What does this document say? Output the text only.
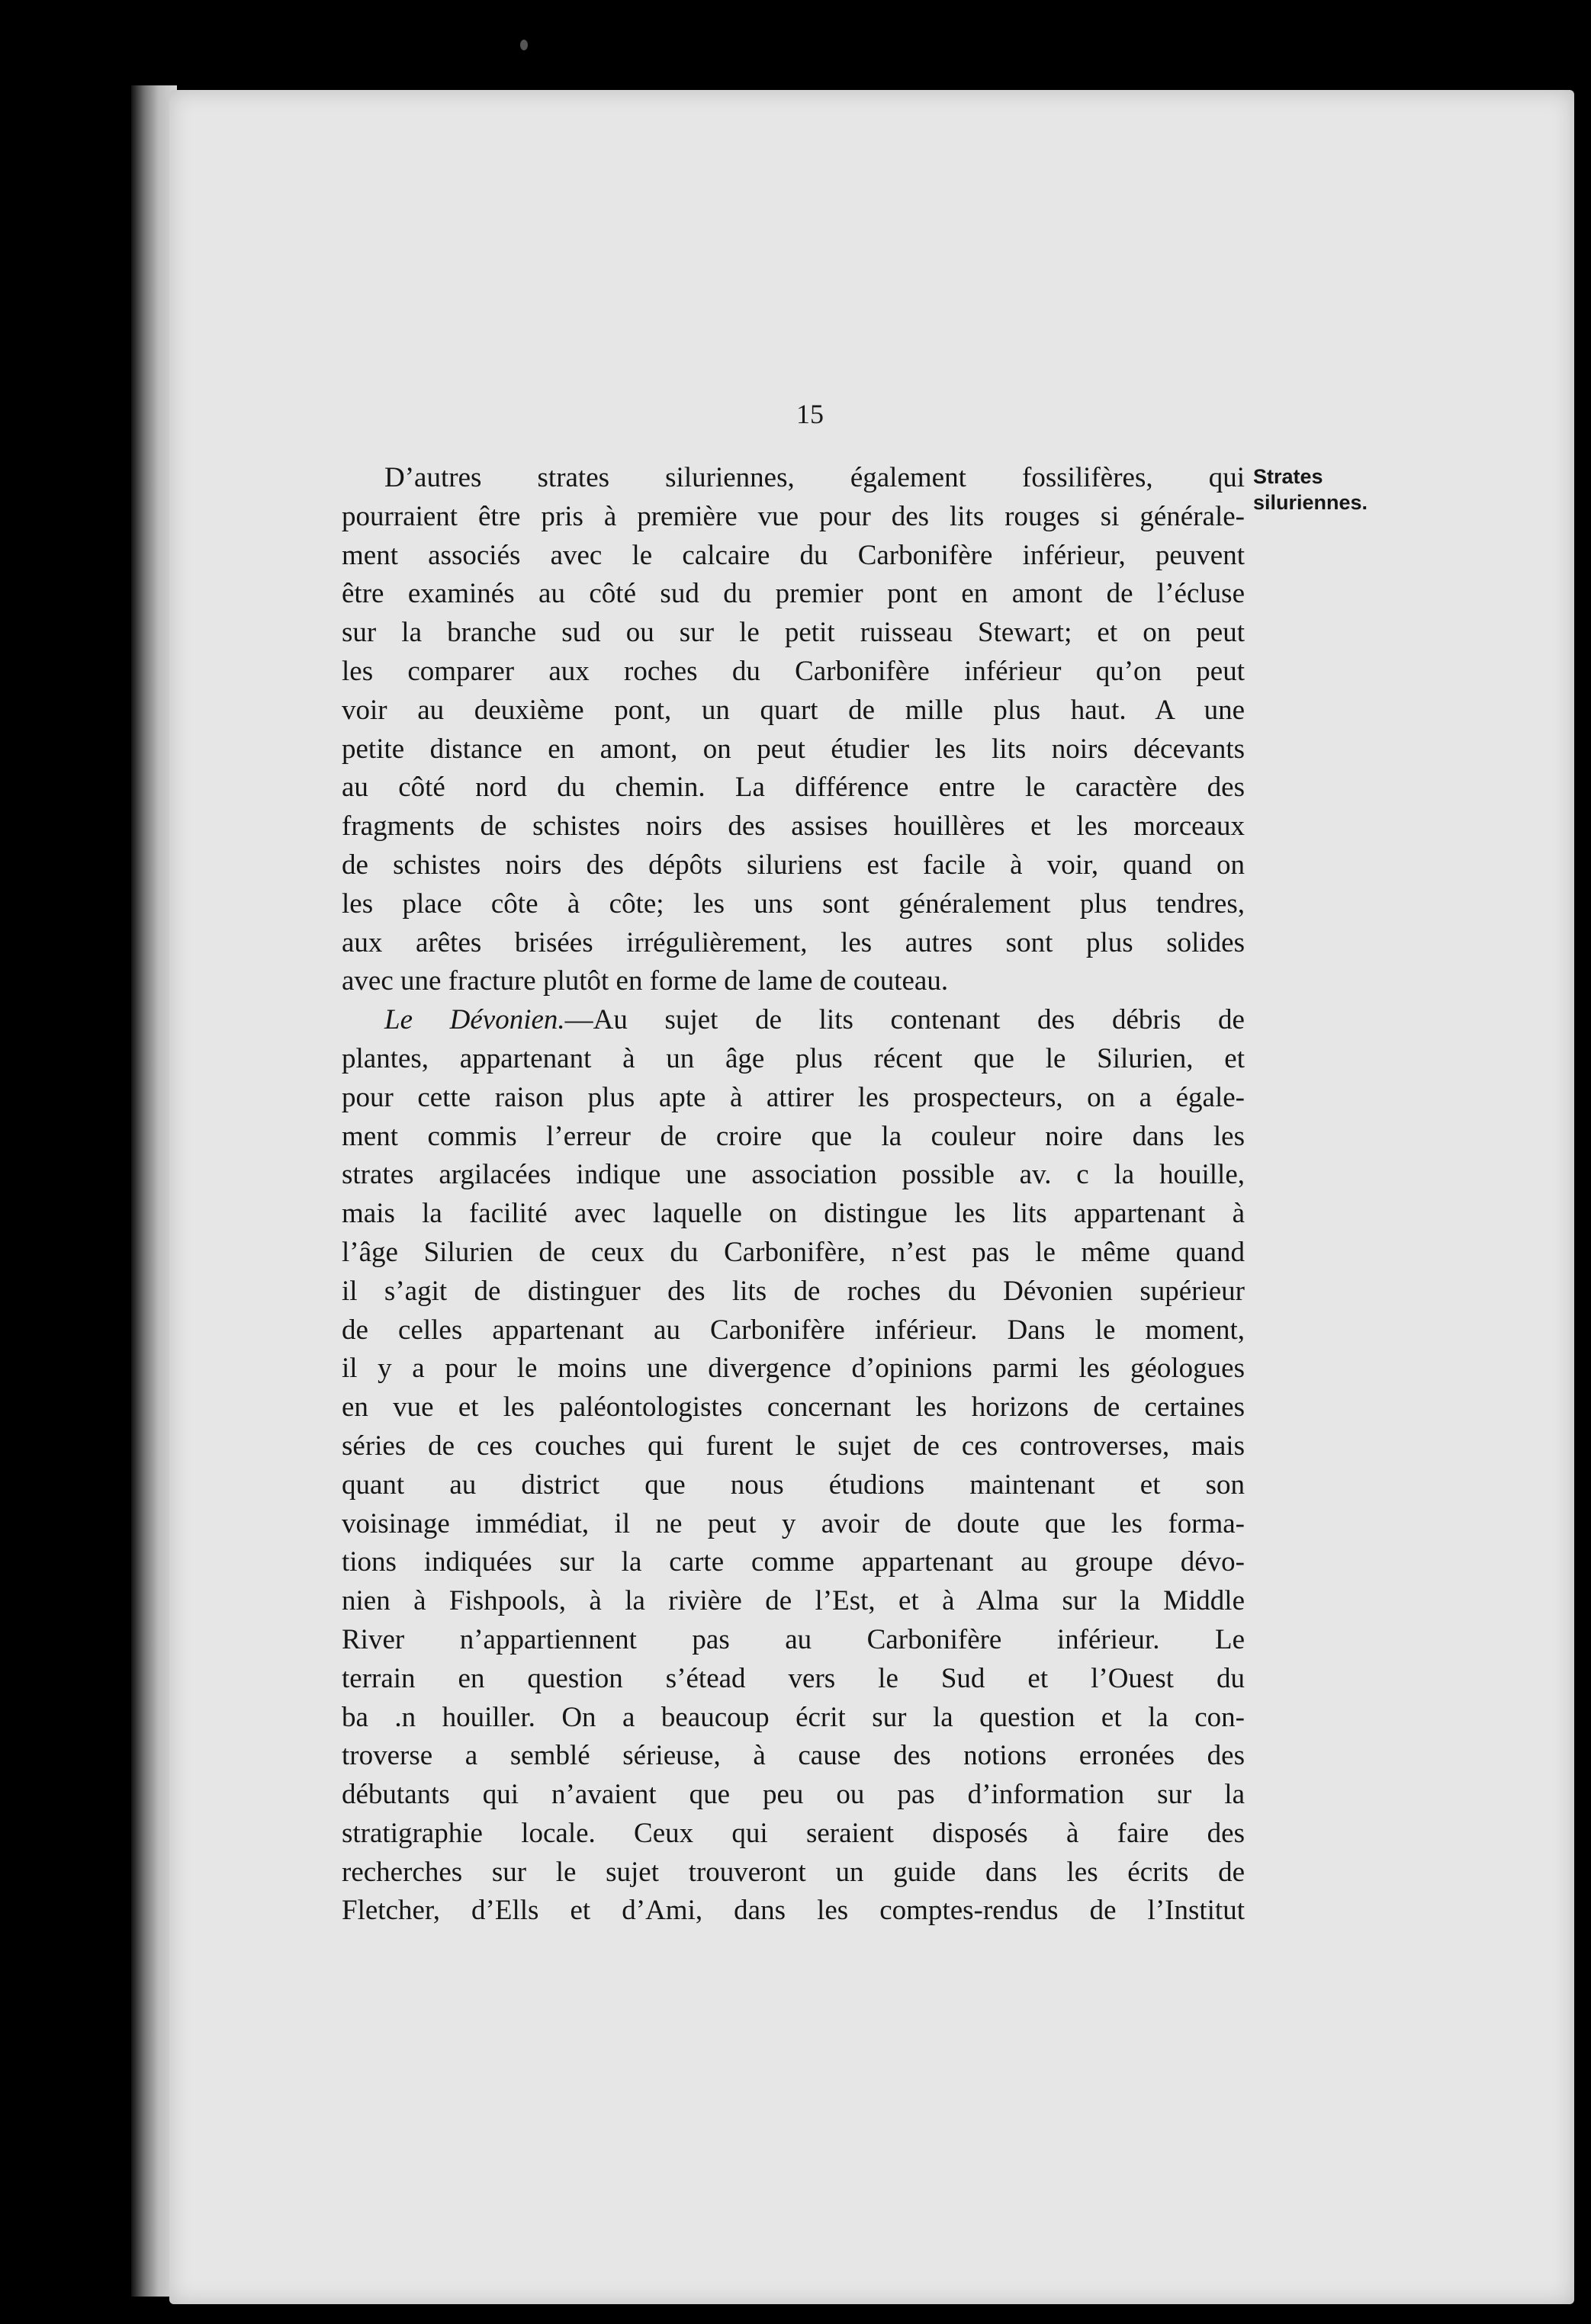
15
Strates
siluriennes.
D’autres strates siluriennes, également fossilifères, qui
pourraient être pris à première vue pour des lits rouges si générale-
ment associés avec le calcaire du Carbonifère inférieur, peuvent
être examinés au côté sud du premier pont en amont de l’écluse
sur la branche sud ou sur le petit ruisseau Stewart; et on peut
les comparer aux roches du Carbonifère inférieur qu’on peut
voir au deuxième pont, un quart de mille plus haut. A une
petite distance en amont, on peut étudier les lits noirs décevants
au côté nord du chemin. La différence entre le caractère des
fragments de schistes noirs des assises houillères et les morceaux
de schistes noirs des dépôts siluriens est facile à voir, quand on
les place côte à côte; les uns sont généralement plus tendres,
aux arêtes brisées irrégulièrement, les autres sont plus solides
avec une fracture plutôt en forme de lame de couteau.
Le Dévonien.—Au sujet de lits contenant des débris de
plantes, appartenant à un âge plus récent que le Silurien, et
pour cette raison plus apte à attirer les prospecteurs, on a égale-
ment commis l’erreur de croire que la couleur noire dans les
strates argilacées indique une association possible av. c la houille,
mais la facilité avec laquelle on distingue les lits appartenant à
l’âge Silurien de ceux du Carbonifère, n’est pas le même quand
il s’agit de distinguer des lits de roches du Dévonien supérieur
de celles appartenant au Carbonifère inférieur. Dans le moment,
il y a pour le moins une divergence d’opinions parmi les géologues
en vue et les paléontologistes concernant les horizons de certaines
séries de ces couches qui furent le sujet de ces controverses, mais
quant au district que nous étudions maintenant et son
voisinage immédiat, il ne peut y avoir de doute que les forma-
tions indiquées sur la carte comme appartenant au groupe dévo-
nien à Fishpools, à la rivière de l’Est, et à Alma sur la Middle
River n’appartiennent pas au Carbonifère inférieur. Le
terrain en question s’étead vers le Sud et l’Ouest du
ba .n houiller. On a beaucoup écrit sur la question et la con-
troverse a semblé sérieuse, à cause des notions erronées des
débutants qui n’avaient que peu ou pas d’information sur la
stratigraphie locale. Ceux qui seraient disposés à faire des
recherches sur le sujet trouveront un guide dans les écrits de
Fletcher, d’Ells et d’Ami, dans les comptes-rendus de l’Institut
